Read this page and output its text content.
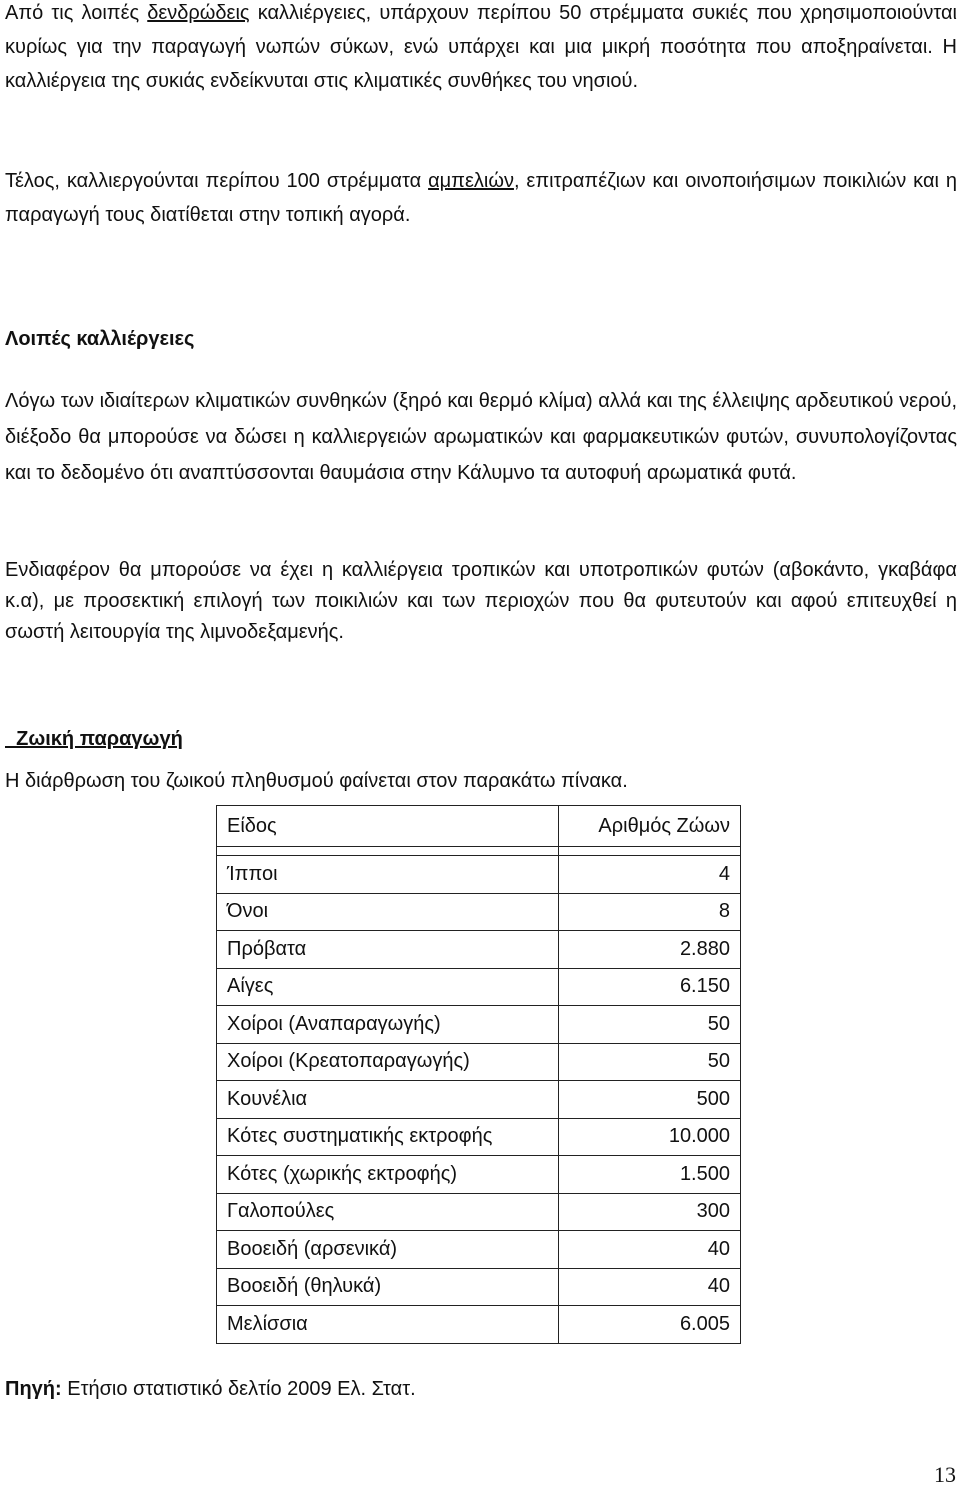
Από τις λοιπές δενδρώδεις καλλιέργειες, υπάρχουν περίπου 50 στρέμματα συκιές που χρησιμοποιούνται κυρίως για την παραγωγή νωπών σύκων, ενώ υπάρχει και μια μικρή ποσότητα που αποξηραίνεται. Η καλλιέργεια της συκιάς ενδείκνυται στις κλιματικές συνθήκες του νησιού.

Τέλος, καλλιεργούνται περίπου 100 στρέμματα αμπελιών, επιτραπέζιων και οινοποιήσιμων ποικιλιών και η παραγωγή τους διατίθεται στην τοπική αγορά.

Λοιπές καλλιέργειες

Λόγω των ιδιαίτερων κλιματικών συνθηκών (ξηρό και θερμό κλίμα) αλλά και της έλλειψης αρδευτικού νερού, διέξοδο θα μπορούσε να δώσει η καλλιεργειών αρωματικών και φαρμακευτικών φυτών, συνυπολογίζοντας και το δεδομένο ότι αναπτύσσονται θαυμάσια στην Κάλυμνο τα αυτοφυή αρωματικά φυτά.

Ενδιαφέρον θα μπορούσε να έχει η καλλιέργεια τροπικών και υποτροπικών φυτών (αβοκάντο, γκαβάφα κ.α), με προσεκτική επιλογή των ποικιλιών και των περιοχών που θα φυτευτούν και αφού επιτευχθεί η σωστή λειτουργία της λιμνοδεξαμενής.

Ζωική παραγωγή

Η διάρθρωση του ζωικού πληθυσμού φαίνεται στον παρακάτω πίνακα.

Είδος	Αριθμός Ζώων

Ίπποι	4
Όνοι	8
Πρόβατα	2.880
Αίγες	6.150
Χοίροι (Αναπαραγωγής)	50
Χοίροι (Κρεατοπαραγωγής)	50
Κουνέλια	500
Κότες συστηματικής εκτροφής	10.000
Κότες (χωρικής εκτροφής)	1.500
Γαλοπούλες	300
Βοοειδή (αρσενικά)	40
Βοοειδή (θηλυκά)	40
Μελίσσια	6.005

Πηγή: Ετήσιο στατιστικό δελτίο 2009 Ελ. Στατ.

13
